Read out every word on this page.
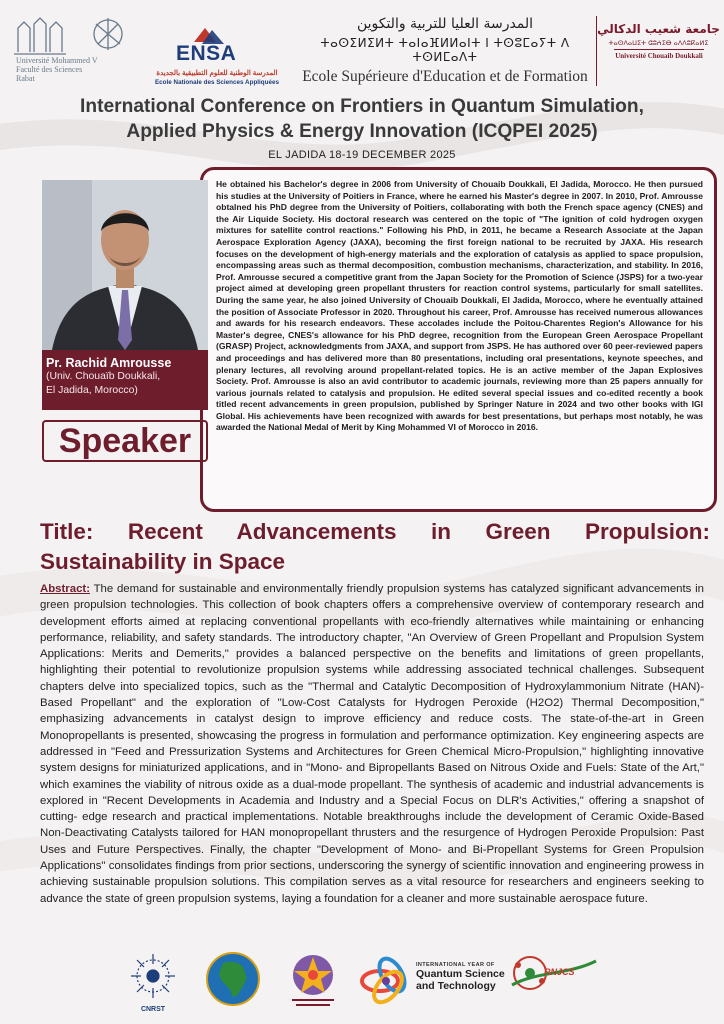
Université Mohammed V
Faculté des Sciences
Rabat
ENSA
المدرسة الوطنية للعلوم التطبيقية بالجديدة
Ecole Nationale des Sciences Appliquées
المدرسة العليا للتربية والتكوين
ⵜⴰⵙⵉⵍⵉⵍⵜ ⵜⴰⵏⴰⴼⵍⵍⴰⵏⵜ ⵏ ⵜⵙⵓⵎⴰⵢⵜ ⴷ ⵜⵙⵍⵎⴰⴷⵜ
Ecole Supérieure d'Education et de Formation
جامعة شعيب الدكالي
ⵜⴰⵙⴷⴰⵡⵉⵜ ⵛⵓⵄⵉⴱ ⴰⴷⴷⵓⴽⴰⵍⵉ
Université Chouaib Doukkali
International Conference on Frontiers in Quantum Simulation,
Applied Physics & Energy Innovation (ICQPEI 2025)
EL JADIDA 18-19 DECEMBER 2025

He obtained his Bachelor's degree in 2006 from University of Chouaib Doukkali, El Jadida, Morocco. He then pursued his studies at the University of Poitiers in France, where he earned his Master's degree in 2007. In 2010, Prof. Amrousse obtalned his PhD degree from the University of Poitiers, collaborating with both the French space agency (CNES) and the Air Liquide Society. His doctoral research was centered on the topic of "The ignition of cold hydrogen oxygen mixtures for satellite control reactions." Following his PhD, in 2011, he became a Research Associate at the Japan Aerospace Exploration Agency (JAXA), becoming the first foreign national to be recruited by JAXA. His research focuses on the development of high-energy materials and the exploration of catalysis as applied to space propulsion, encompassing areas such as thermal decomposition, combustion mechanisms, characterization, and stability. In 2016, Prof. Amrousse secured a competitive grant from the Japan Society for the Promotion of Science (JSPS) for a two-year project aimed at developing green propellant thrusters for reaction control systems, particularly for small satellites. During the same year, he also joined University of Chouaib Doukkali, El Jadida, Morocco, where he eventually attained the position of Associate Professor in 2020. Throughout his career, Prof. Amrousse has received numerous allowances and awards for his research endeavors. These accolades include the Poitou-Charentes Region's Allowance for his Master's degree, CNES's allowance for his PhD degree, recognition from the European Green Aerospace Propellant (GRASP) Project, acknowledgments from JAXA, and support from JSPS. He has authored over 60 peer-reviewed papers and proceedings and has delivered more than 80 presentations, including oral presentations, keynote speeches, and plenary lectures, all revolving around propellant-related topics. He is an active member of the Japan Explosives Society. Prof. Amrousse is also an avid contributor to academic journals, reviewing more than 25 papers annually for various journals related to catalysis and propulsion. He edited several special issues and co-edited recently a book titled recent advancements in green propulsion, published by Springer Nature in 2024 and two other books with IGI Global. His achievements have been recognized with awards for best presentations, but perhaps most notably, he was awarded the National Medal of Merit by King Mohammed VI of Morocco in 2016.

Pr. Rachid Amrousse
(Univ. Chouaïb Doukkali,
El Jadida, Morocco)
Speaker
Title: Recent Advancements in Green Propulsion: Sustainability in Space

Abstract: The demand for sustainable and environmentally friendly propulsion systems has catalyzed significant advancements in green propulsion technologies. This collection of book chapters offers a comprehensive overview of contemporary research and development efforts aimed at replacing conventional propellants with eco-friendly alternatives while maintaining or enhancing performance, reliability, and safety standards. The introductory chapter, "An Overview of Green Propellant and Propulsion System Applications: Merits and Demerits," provides a balanced perspective on the benefits and limitations of green propellants, highlighting their potential to revolutionize propulsion systems while addressing associated technical challenges. Subsequent chapters delve into specialized topics, such as the "Thermal and Catalytic Decomposition of Hydroxylammonium Nitrate (HAN)-Based Propellant" and the exploration of "Low-Cost Catalysts for Hydrogen Peroxide (H2O2) Thermal Decomposition," emphasizing advancements in catalyst design to improve efficiency and reduce costs. The state-of-the-art in Green Monopropellants is presented, showcasing the progress in formulation and performance optimization. Key engineering aspects are addressed in "Feed and Pressurization Systems and Architectures for Green Chemical Micro-Propulsion," highlighting innovative system designs for miniaturized applications, and in "Mono- and Bipropellants Based on Nitrous Oxide and Fuels: State of the Art," which examines the viability of nitrous oxide as a dual-mode propellant. The synthesis of academic and industrial advancements is explored in "Recent Developments in Academia and Industry and a Special Focus on DLR's Activities," offering a snapshot of cutting- edge research and practical implementations. Notable breakthroughs include the development of Ceramic Oxide-Based Non-Deactivating Catalysts tailored for HAN monopropellant thrusters and the resurgence of Hydrogen Peroxide Propulsion: Past Uses and Future Perspectives. Finally, the chapter "Development of Mono- and Bi-Propellant Systems for Green Propulsion Applications" consolidates findings from prior sections, underscoring the synergy of scientific innovation and engineering prowess in achieving sustainable propulsion solutions. This compilation serves as a vital resource for researchers and engineers seeking to advance the state of green propulsion systems, laying a foundation for a cleaner and more sustainable aerospace future.

CNRST
INTERNATIONAL YEAR OF
Quantum Science
and Technology
RNJCS
